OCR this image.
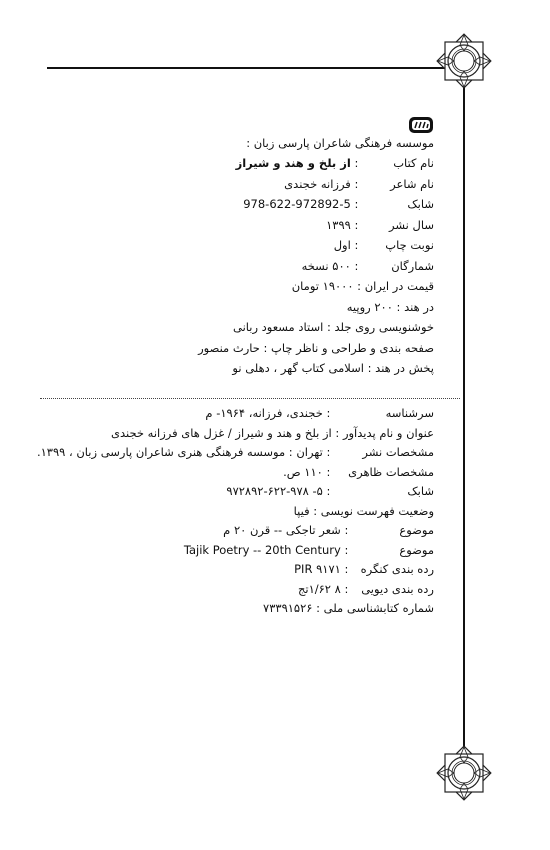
موسسه فرهنگی شاعران پارسی زبان :
نام کتاب : از بلخ و هند و شیراز
نام شاعر : فرزانه خجندی
شابک : 978-622-972892-5
سال نشر : ۱۳۹۹
نوبت چاپ : اول
شمارگان : ۵۰۰ نسخه
قیمت در ایران : ۱۹۰۰۰ تومان
در هند : ۲۰۰ روپیه
خوشنویسی روی جلد : استاد مسعود ربانی
صفحه بندی و طراحی و ناظر چاپ : حارث منصور
پخش در هند : اسلامی کتاب گهر ، دهلی نو
سرشناسه : خجندی، فرزانه، ۱۹۶۴- م
عنوان و نام پدیدآور : از بلخ و هند و شیراز / غزل های فرزانه خجندی
مشخصات نشر : تهران : موسسه فرهنگی هنری شاعران پارسی زبان ، ۱۳۹۹.
مشخصات ظاهری : ۱۱۰ ص.
شابک : ۵- ۹۷۲۸۹۲-۶۲۲-۹۷۸
وضعیت فهرست نویسی : فیپا
موضوع : شعر تاجکی -- قرن ۲۰ م
موضوع : Tajik Poetry -- 20th Century
رده بندی کنگره : PIR ۹۱۷۱
رده بندی دیویی : ۸ ۱/۶۲تج
شماره کتابشناسی ملی : ۷۳۳۹۱۵۲۶
